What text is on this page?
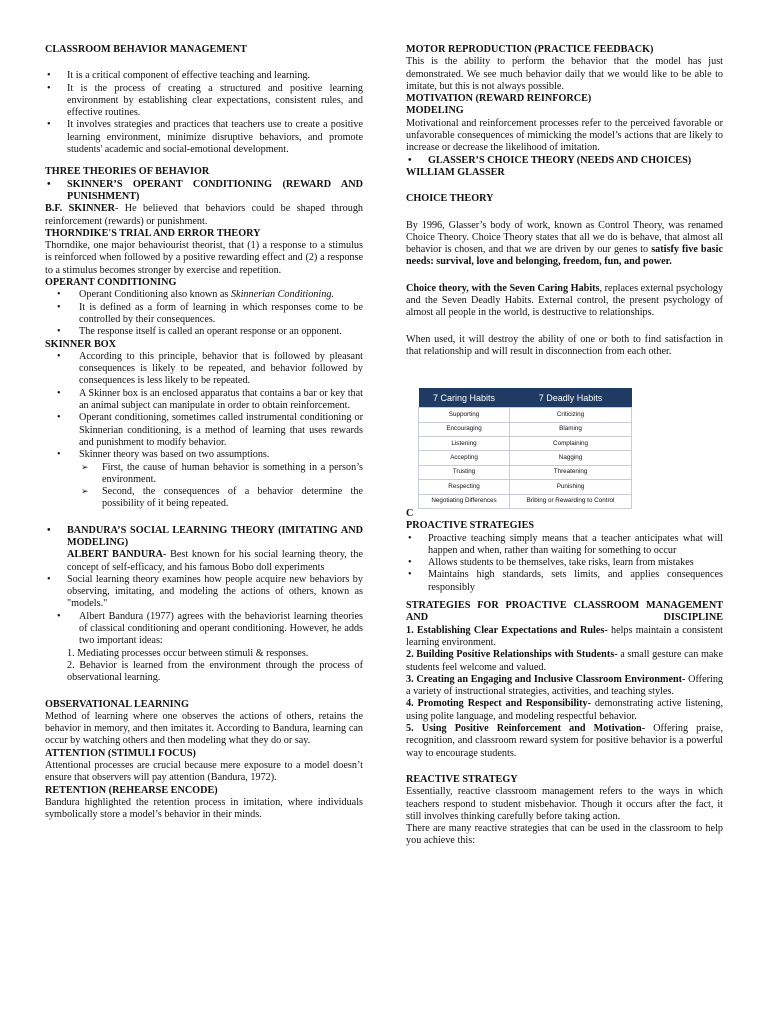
CLASSROOM BEHAVIOR MANAGEMENT

• It is a critical component of effective teaching and learning.

• It is the process of creating a structured and positive learning environment by establishing clear expectations, consistent rules, and effective routines.

• It involves strategies and practices that teachers use to create a positive learning environment, minimize disruptive behaviors, and promote students' academic and social-emotional development.

THREE THEORIES OF BEHAVIOR

• SKINNER’S OPERANT CONDITIONING (REWARD AND PUNISHMENT)

B.F. SKINNER- He believed that behaviors could be shaped through reinforcement (rewards) or punishment.

THORNDIKE'S TRIAL AND ERROR THEORY

Thorndike, one major behaviourist theorist, that (1) a response to a stimulus is reinforced when followed by a positive rewarding effect and (2) a response to a stimulus becomes stronger by exercise and repetition.

OPERANT CONDITIONING

• Operant Conditioning also known as Skinnerian Conditioning.

• It is defined as a form of learning in which responses come to be controlled by their consequences.

• The response itself is called an operant response or an opponent.

SKINNER BOX

• According to this principle, behavior that is followed by pleasant consequences is likely to be repeated, and behavior followed by consequences is less likely to be repeated.

• A Skinner box is an enclosed apparatus that contains a bar or key that an animal subject can manipulate in order to obtain reinforcement.

• Operant conditioning, sometimes called instrumental conditioning or Skinnerian conditioning, is a method of learning that uses rewards and punishment to modify behavior.

• Skinner theory was based on two assumptions.

➢ First, the cause of human behavior is something in a person’s environment.

➢ Second, the consequences of a behavior determine the possibility of it being repeated.

• BANDURA’S SOCIAL LEARNING THEORY (IMITATING AND MODELING)

ALBERT BANDURA- Best known for his social learning theory, the concept of self-efficacy, and his famous Bobo doll experiments

• Social learning theory examines how people acquire new behaviors by observing, imitating, and modeling the actions of others, known as "models."

• Albert Bandura (1977) agrees with the behaviorist learning theories of classical conditioning and operant conditioning. However, he adds two important ideas:

1. Mediating processes occur between stimuli & responses.

2. Behavior is learned from the environment through the process of observational learning.

OBSERVATIONAL LEARNING

Method of learning where one observes the actions of others, retains the behavior in memory, and then imitates it. According to Bandura, learning can occur by watching others and then modeling what they do or say.

ATTENTION (STIMULI FOCUS)

Attentional processes are crucial because mere exposure to a model doesn’t ensure that observers will pay attention (Bandura, 1972).

RETENTION (REHEARSE ENCODE)

Bandura highlighted the retention process in imitation, where individuals symbolically store a model’s behavior in their minds.

MOTOR REPRODUCTION (PRACTICE FEEDBACK)

This is the ability to perform the behavior that the model has just demonstrated. We see much behavior daily that we would like to be able to imitate, but this is not always possible.

MOTIVATION (REWARD REINFORCE)

MODELING

Motivational and reinforcement processes refer to the perceived favorable or unfavorable consequences of mimicking the model’s actions that are likely to increase or decrease the likelihood of imitation.

• GLASSER’S CHOICE THEORY (NEEDS AND CHOICES)

WILLIAM GLASSER

CHOICE THEORY

By 1996, Glasser’s body of work, known as Control Theory, was renamed Choice Theory. Choice Theory states that all we do is behave, that almost all behavior is chosen, and that we are driven by our genes to satisfy five basic needs: survival, love and belonging, freedom, fun, and power.

Choice theory, with the Seven Caring Habits, replaces external psychology and the Seven Deadly Habits. External control, the present psychology of almost all people in the world, is destructive to relationships.

When used, it will destroy the ability of one or both to find satisfaction in that relationship and will result in disconnection from each other.

7 Caring Habits	7 Deadly Habits
Supporting	Criticizing
Encouraging	Blaming
Listening	Complaining
Accepting	Nagging
Trusting	Threatening
Respecting	Punishing
Negotiating Differences	Bribing or Rewarding to Control

C

PROACTIVE STRATEGIES

• Proactive teaching simply means that a teacher anticipates what will happen and when, rather than waiting for something to occur

• Allows students to be themselves, take risks, learn from mistakes

• Maintains high standards, sets limits, and applies consequences responsibly

STRATEGIES FOR PROACTIVE CLASSROOM MANAGEMENT AND DISCIPLINE

1. Establishing Clear Expectations and Rules- helps maintain a consistent learning environment.

2. Building Positive Relationships with Students- a small gesture can make students feel welcome and valued.

3. Creating an Engaging and Inclusive Classroom Environment- Offering a variety of instructional strategies, activities, and teaching styles.

4. Promoting Respect and Responsibility- demonstrating active listening, using polite language, and modeling respectful behavior.

5. Using Positive Reinforcement and Motivation- Offering praise, recognition, and classroom reward system for positive behavior is a powerful way to encourage students.

REACTIVE STRATEGY

Essentially, reactive classroom management refers to the ways in which teachers respond to student misbehavior. Though it occurs after the fact, it still involves thinking carefully before taking action.

There are many reactive strategies that can be used in the classroom to help you achieve this:
